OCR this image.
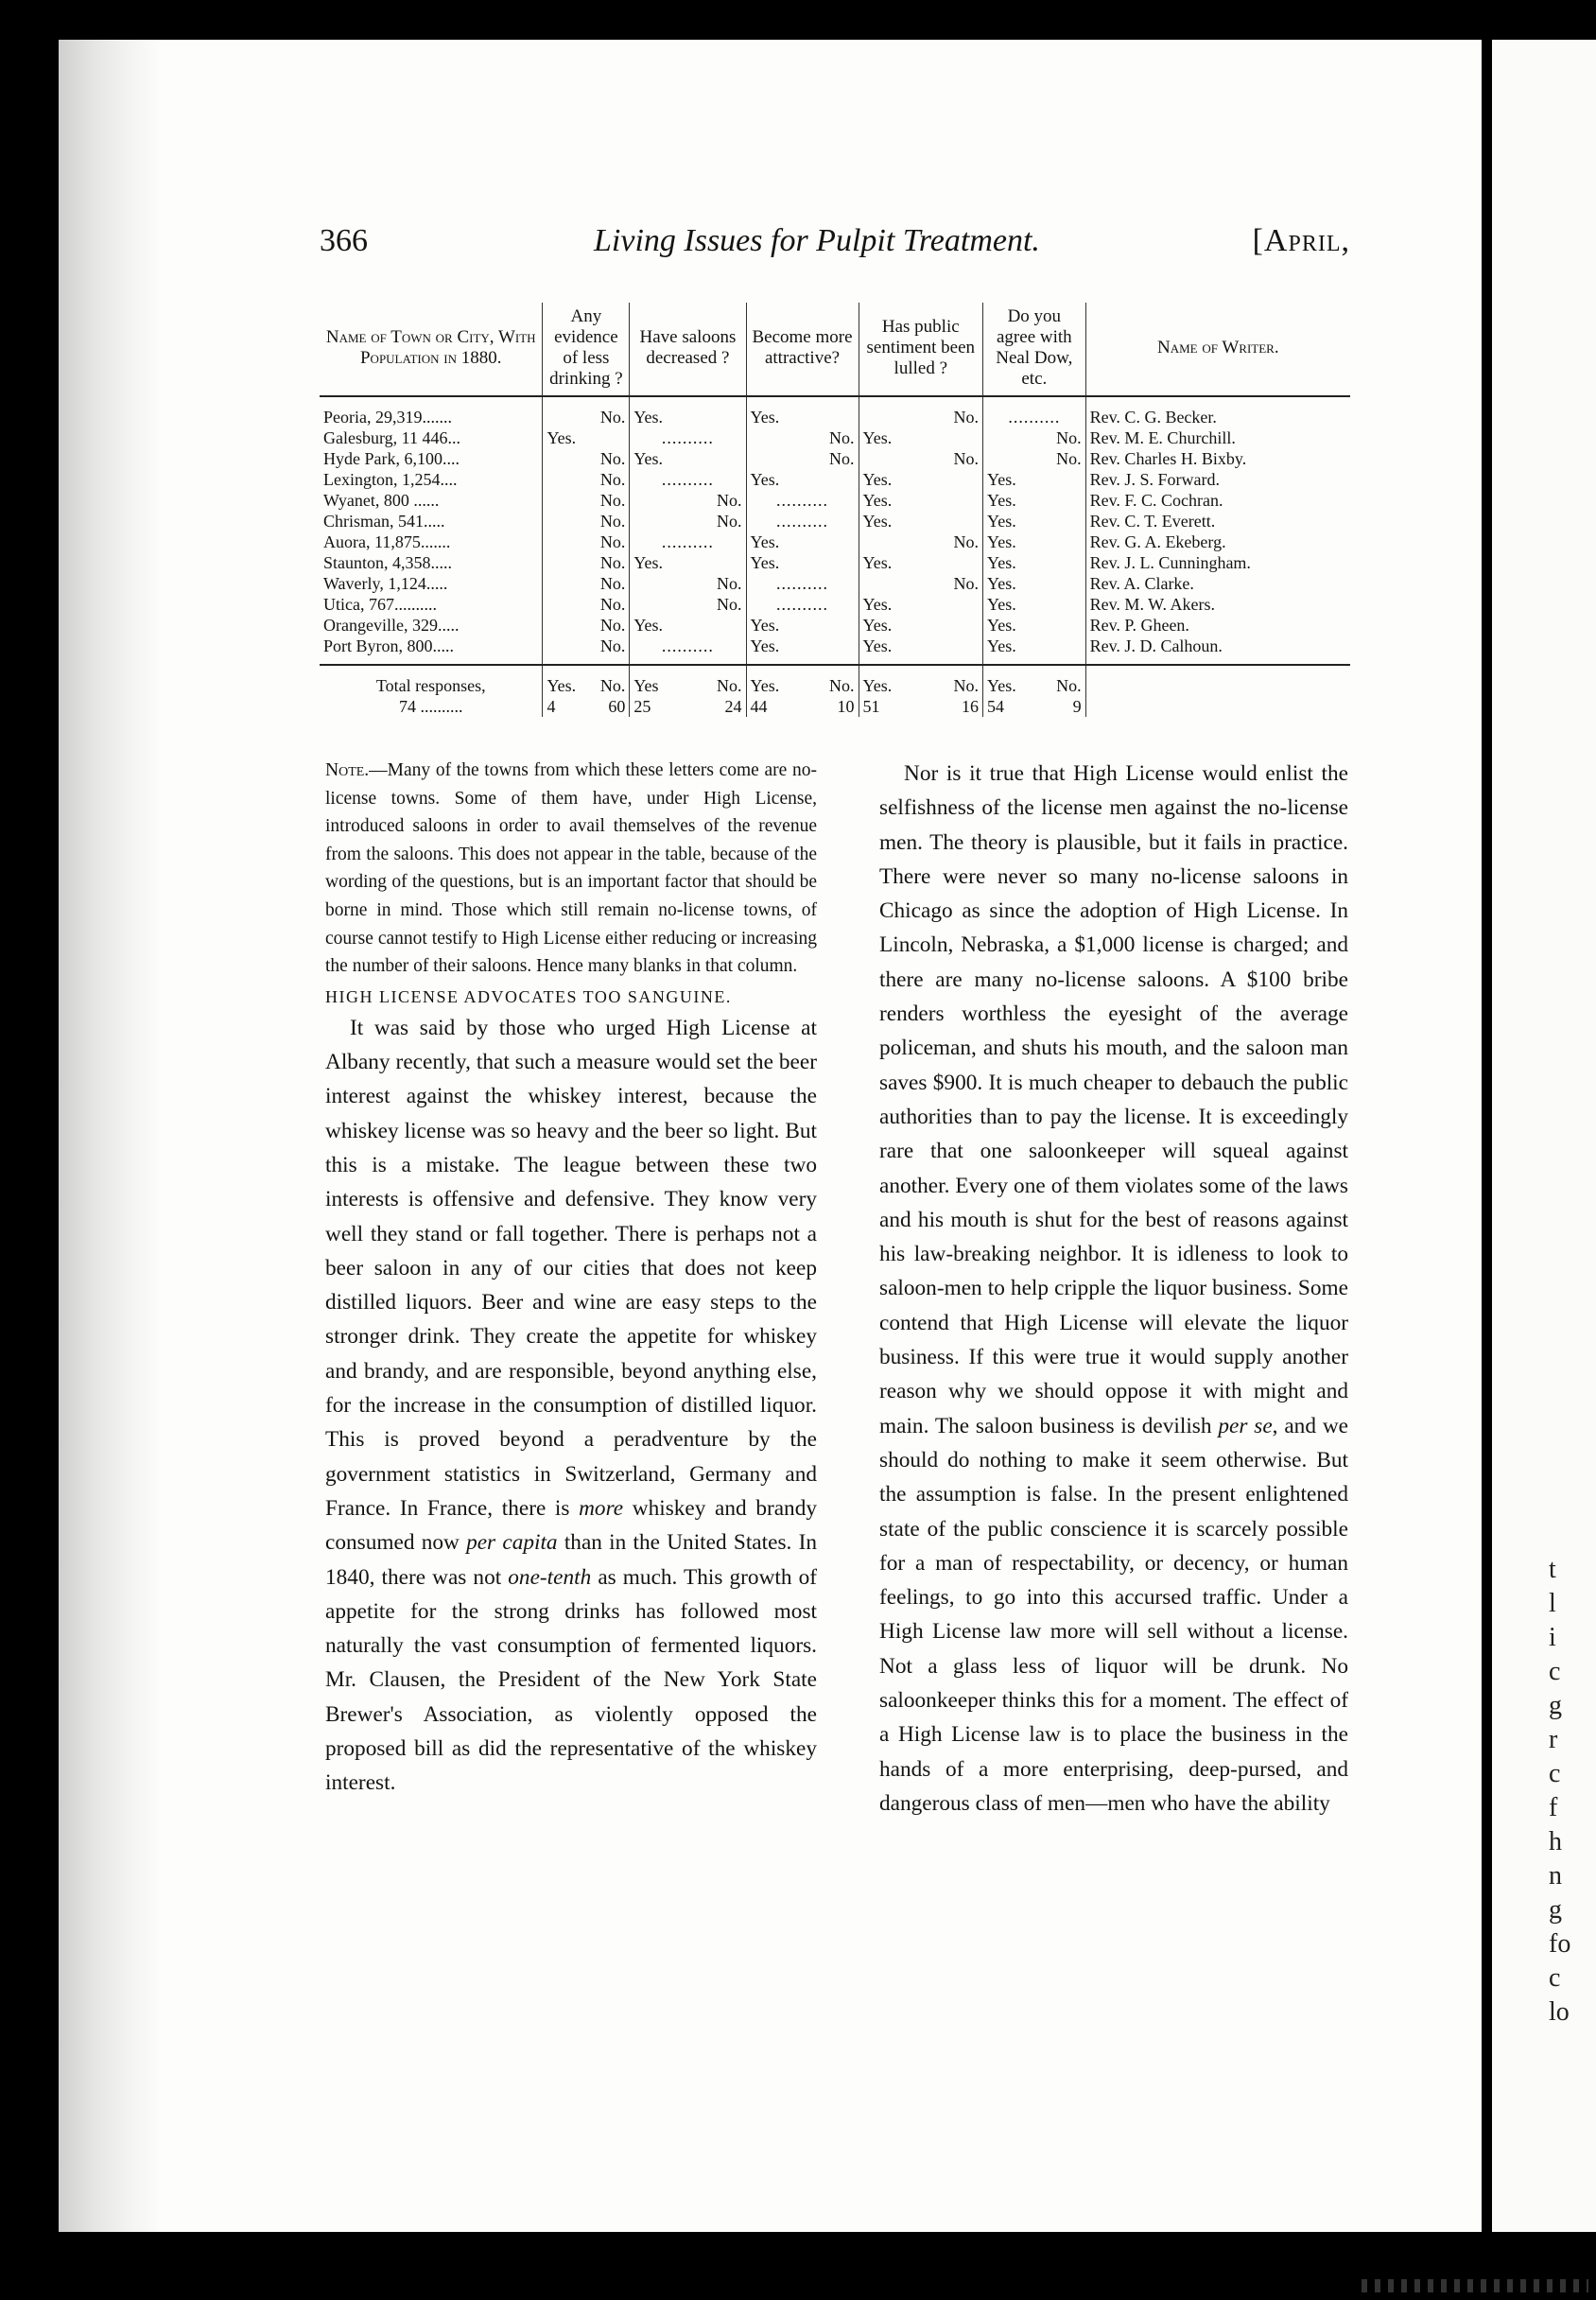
t
l
i
c
g
r
c
f
h
n
g
fo
c
lo
366	Living Issues for Pulpit Treatment.	[April,
Name of Town or City, With Population in 1880.	Any evidence of less drinking ?		Have saloons decreased ?		Become more attractive?		Has public sentiment been lulled ?		Do you agree with Neal Dow, etc.		Name of Writer.
Peoria, 29,319.......		No.	Yes.		Yes.			No.	..........		Rev. C. G. Becker.
Galesburg, 11 446...	Yes.		..........			No.	Yes.			No.	Rev. M. E. Churchill.
Hyde Park, 6,100....		No.	Yes.			No.		No.		No.	Rev. Charles H. Bixby.
Lexington, 1,254....		No.	..........		Yes.		Yes.		Yes.		Rev. J. S. Forward.
Wyanet, 800 ......		No.		No.	..........		Yes.		Yes.		Rev. F. C. Cochran.
Chrisman, 541.....		No.		No.	..........		Yes.		Yes.		Rev. C. T. Everett.
Auora, 11,875.......		No.	..........		Yes.			No.	Yes.		Rev. G. A. Ekeberg.
Staunton, 4,358.....		No.	Yes.		Yes.		Yes.		Yes.		Rev. J. L. Cunningham.
Waverly, 1,124.....		No.		No.	..........			No.	Yes.		Rev. A. Clarke.
Utica, 767..........		No.		No.	..........		Yes.		Yes.		Rev. M. W. Akers.
Orangeville, 329.....		No.	Yes.		Yes.		Yes.		Yes.		Rev. P. Gheen.
Port Byron, 800.....		No.	..........		Yes.		Yes.		Yes.		Rev. J. D. Calhoun.
Total responses,	Yes.	No.	Yes	No.	Yes.	No.	Yes.	No.	Yes.	No.	
74 ..........	4	60	25	24	44	10	51	16	54	9	

Note.—Many of the towns from which these letters come are no-license towns. Some of them have, under High License, introduced saloons in order to avail themselves of the revenue from the saloons. This does not appear in the table, because of the wording of the questions, but is an important factor that should be borne in mind. Those which still remain no-license towns, of course cannot testify to High License either reducing or increasing the number of their saloons. Hence many blanks in that column.

HIGH LICENSE ADVOCATES TOO SANGUINE.

It was said by those who urged High License at Albany recently, that such a measure would set the beer interest against the whiskey interest, because the whiskey license was so heavy and the beer so light. But this is a mistake. The league between these two interests is offensive and defensive. They know very well they stand or fall together. There is perhaps not a beer saloon in any of our cities that does not keep distilled liquors. Beer and wine are easy steps to the stronger drink. They create the appetite for whiskey and brandy, and are responsible, beyond anything else, for the increase in the consumption of distilled liquor. This is proved beyond a peradventure by the government statistics in Switzerland, Germany and France. In France, there is more whiskey and brandy consumed now per capita than in the United States. In 1840, there was not one-tenth as much. This growth of appetite for the strong drinks has followed most naturally the vast consumption of fermented liquors. Mr. Clausen, the President of the New York State Brewer's Association, as violently opposed the proposed bill as did the representative of the whiskey interest.

Nor is it true that High License would enlist the selfishness of the license men against the no-license men. The theory is plausible, but it fails in practice. There were never so many no-license saloons in Chicago as since the adoption of High License. In Lincoln, Nebraska, a $1,000 license is charged; and there are many no-license saloons. A $100 bribe renders worthless the eyesight of the average policeman, and shuts his mouth, and the saloon man saves $900. It is much cheaper to debauch the public authorities than to pay the license. It is exceedingly rare that one saloonkeeper will squeal against another. Every one of them violates some of the laws and his mouth is shut for the best of reasons against his law-breaking neighbor. It is idleness to look to saloon-men to help cripple the liquor business. Some contend that High License will elevate the liquor business. If this were true it would supply another reason why we should oppose it with might and main. The saloon business is devilish per se, and we should do nothing to make it seem otherwise. But the assumption is false. In the present enlightened state of the public conscience it is scarcely possible for a man of respectability, or decency, or human feelings, to go into this accursed traffic. Under a High License law more will sell without a license. Not a glass less of liquor will be drunk. No saloonkeeper thinks this for a moment. The effect of a High License law is to place the business in the hands of a more enterprising, deep-pursed, and dangerous class of men—men who have the ability
